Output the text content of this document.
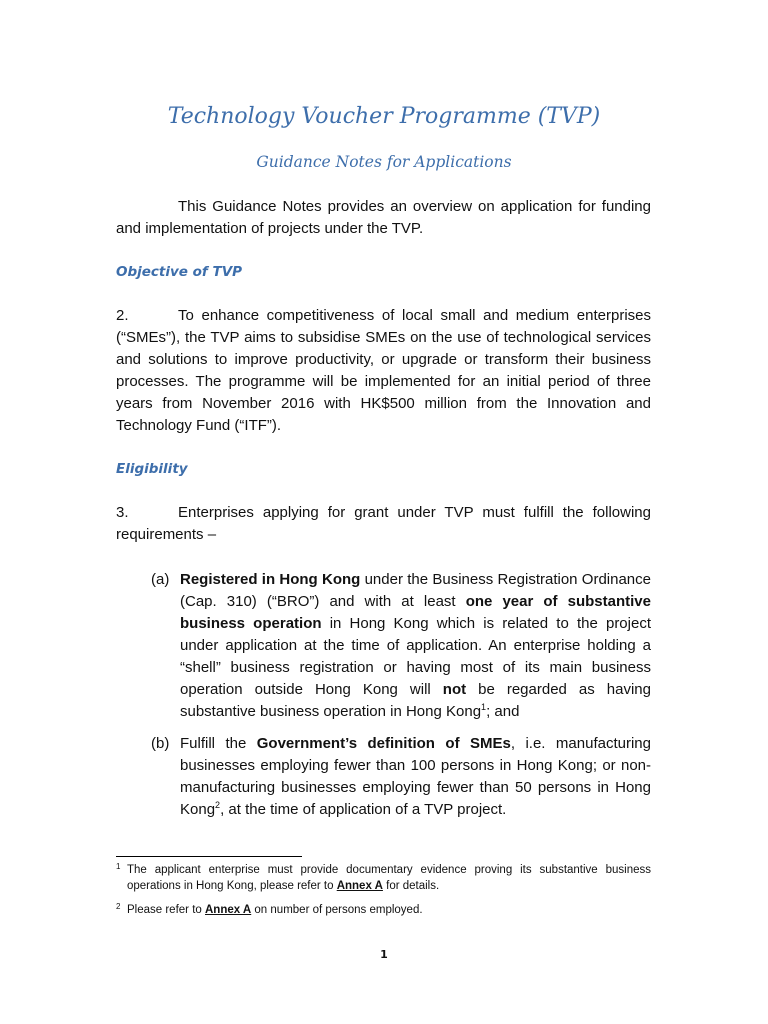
Technology Voucher Programme (TVP)
Guidance Notes for Applications
This Guidance Notes provides an overview on application for funding and implementation of projects under the TVP.
Objective of TVP
2.	To enhance competitiveness of local small and medium enterprises (“SMEs”), the TVP aims to subsidise SMEs on the use of technological services and solutions to improve productivity, or upgrade or transform their business processes. The programme will be implemented for an initial period of three years from November 2016 with HK$500 million from the Innovation and Technology Fund (“ITF”).
Eligibility
3.	Enterprises applying for grant under TVP must fulfill the following requirements –
(a) Registered in Hong Kong under the Business Registration Ordinance (Cap. 310) (“BRO”) and with at least one year of substantive business operation in Hong Kong which is related to the project under application at the time of application. An enterprise holding a “shell” business registration or having most of its main business operation outside Hong Kong will not be regarded as having substantive business operation in Hong Kong$^1$; and
(b) Fulfill the Government’s definition of SMEs, i.e. manufacturing businesses employing fewer than 100 persons in Hong Kong; or non-manufacturing businesses employing fewer than 50 persons in Hong Kong$^2$, at the time of application of a TVP project.
1 The applicant enterprise must provide documentary evidence proving its substantive business operations in Hong Kong, please refer to Annex A for details.
2 Please refer to Annex A on number of persons employed.
1
